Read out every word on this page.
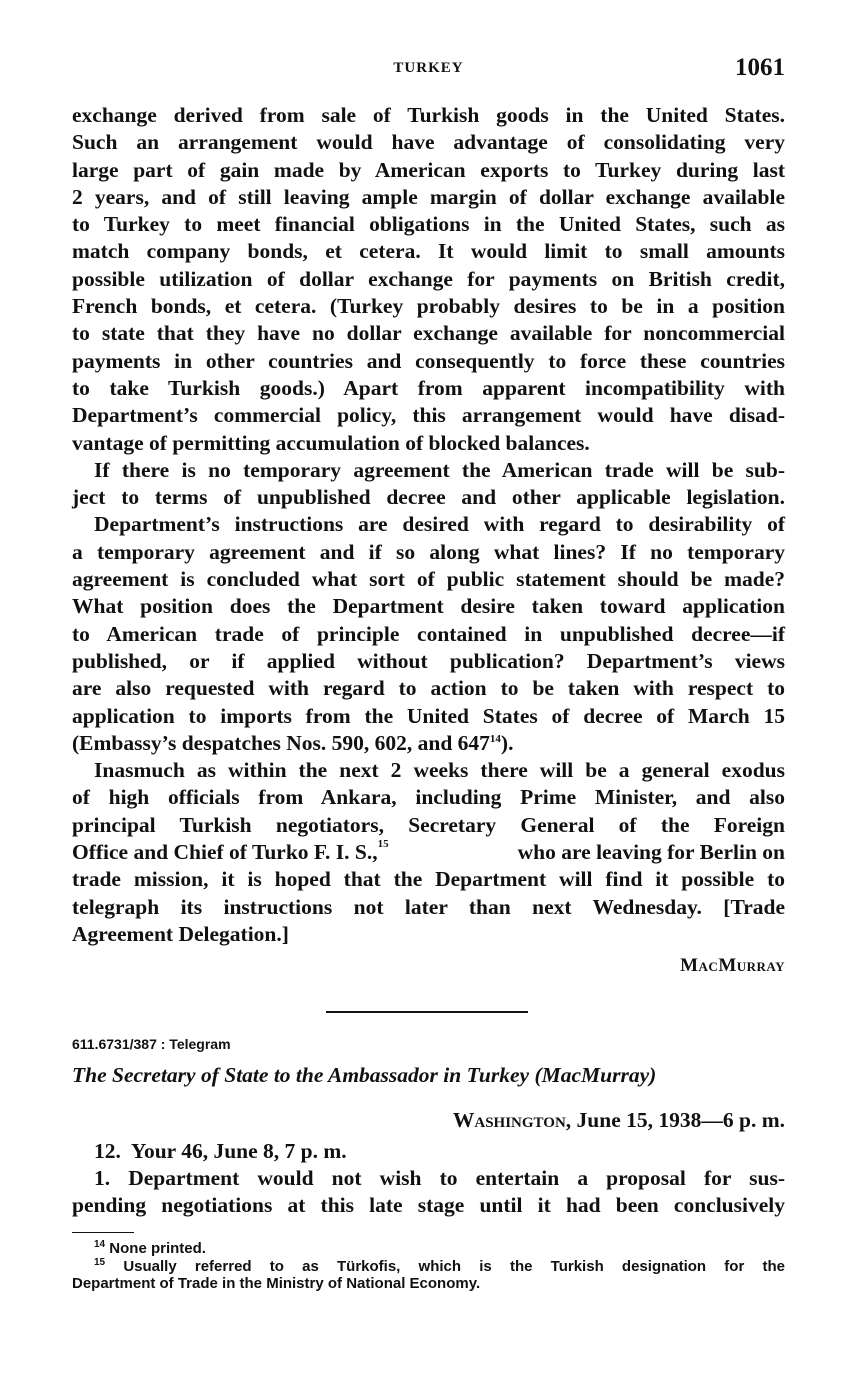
TURKEY	1061
exchange derived from sale of Turkish goods in the United States.
Such an arrangement would have advantage of consolidating very
large part of gain made by American exports to Turkey during last
2 years, and of still leaving ample margin of dollar exchange available
to Turkey to meet financial obligations in the United States, such as
match company bonds, et cetera. It would limit to small amounts
possible utilization of dollar exchange for payments on British credit,
French bonds, et cetera. (Turkey probably desires to be in a position
to state that they have no dollar exchange available for noncommercial
payments in other countries and consequently to force these countries
to take Turkish goods.) Apart from apparent incompatibility with
Department’s commercial policy, this arrangement would have disad-
vantage of permitting accumulation of blocked balances.
If there is no temporary agreement the American trade will be sub-
ject to terms of unpublished decree and other applicable legislation.
Department’s instructions are desired with regard to desirability of
a temporary agreement and if so along what lines? If no temporary
agreement is concluded what sort of public statement should be made?
What position does the Department desire taken toward application
to American trade of principle contained in unpublished decree—if
published, or if applied without publication? Department’s views
are also requested with regard to action to be taken with respect to
application to imports from the United States of decree of March 15
(Embassy’s despatches Nos. 590, 602, and $647^{14}$).
Inasmuch as within the next 2 weeks there will be a general exodus
of high officials from Ankara, including Prime Minister, and also
principal Turkish negotiators, Secretary General of the Foreign
Office and Chief of Turko F. I. S., 15	who are leaving for Berlin on
trade mission, it is hoped that the Department will find it possible to
telegraph its instructions not later than next Wednesday. [Trade
Agreement Delegation.]
MacMurray
611.6731/387 : Telegram
The Secretary of State to the Ambassador in Turkey (MacMurray)
Washington, June 15, 1938—6 p. m.
12.  Your 46, June 8, 7 p. m.
1. Department would not wish to entertain a proposal for sus-
pending negotiations at this late stage until it had been conclusively
$^{14}$ None printed.
$^{15}$ Usually referred to as Türkofis, which is the Turkish designation for the
Department of Trade in the Ministry of National Economy.
